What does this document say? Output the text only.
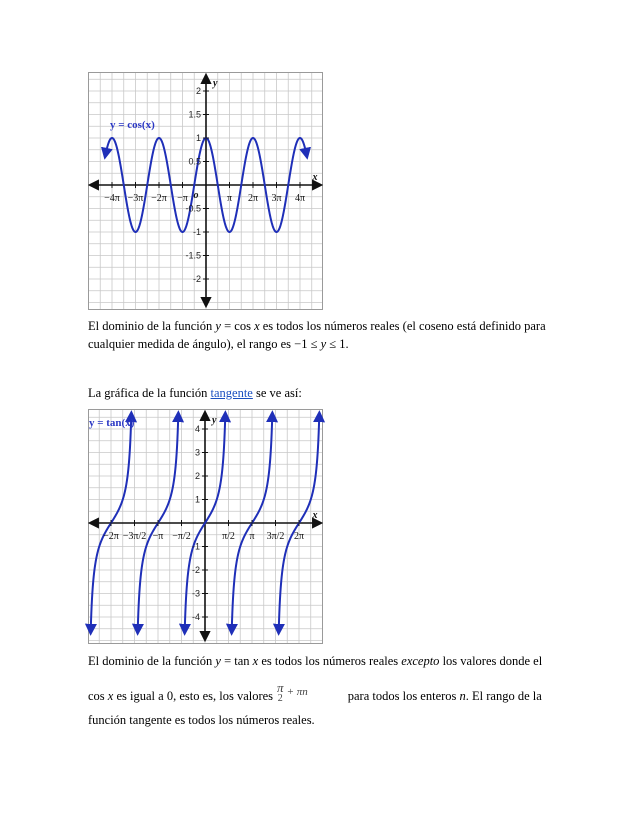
−4π −3π −2π −π	π 2π 3π 4π
2
1.5
1
0.5
-0.5
-1
-1.5
-2
o
x
y
y = cos(x)

El dominio de la función y = cos x es todos los números reales (el coseno está definido para cualquier medida de ángulo), el rango es −1 ≤ y ≤ 1.

La gráfica de la función tangente se ve así:

−2π −3π/2 −π −π/2	π/2 π 3π/2 2π
4
3
2
1
-1
-2
-3
-4
x
y
y = tan(x)

El dominio de la función y = tan x es todos los números reales excepto los valores donde el

cos x es igual a 0, esto es, los valores
π
2
+ πn	para todos los enteros n. El rango de la función tangente es todos los números reales.
